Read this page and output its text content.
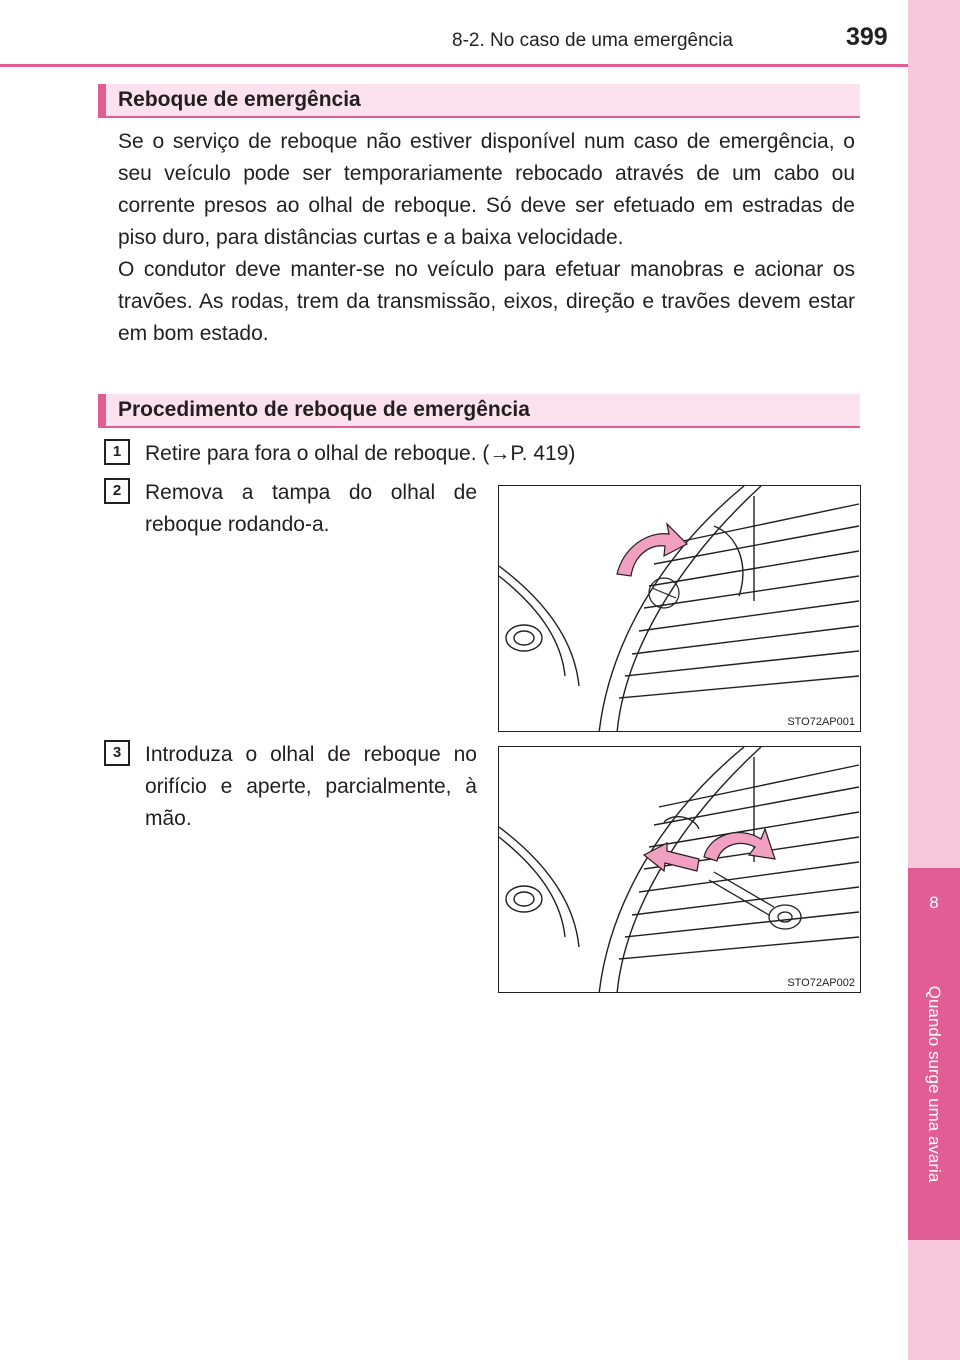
8
Quando surge uma avaria
8-2. No caso de uma emergência	399
Reboque de emergência

Se o serviço de reboque não estiver disponível num caso de emergência, o seu veículo pode ser temporariamente rebocado através de um cabo ou corrente presos ao olhal de reboque. Só deve ser efetuado em estradas de piso duro, para distâncias curtas e a baixa velocidade.

O condutor deve manter-se no veículo para efetuar manobras e acionar os travões. As rodas, trem da transmissão, eixos, direção e travões devem estar em bom estado.

Procedimento de reboque de emergência
1	Retire para fora o olhal de reboque. (→P. 419)
2	Remova a tampa do olhal de reboque rodando-a.
STO72AP001
3	Introduza o olhal de reboque no orifício e aperte, parcialmente, à mão.
STO72AP002
